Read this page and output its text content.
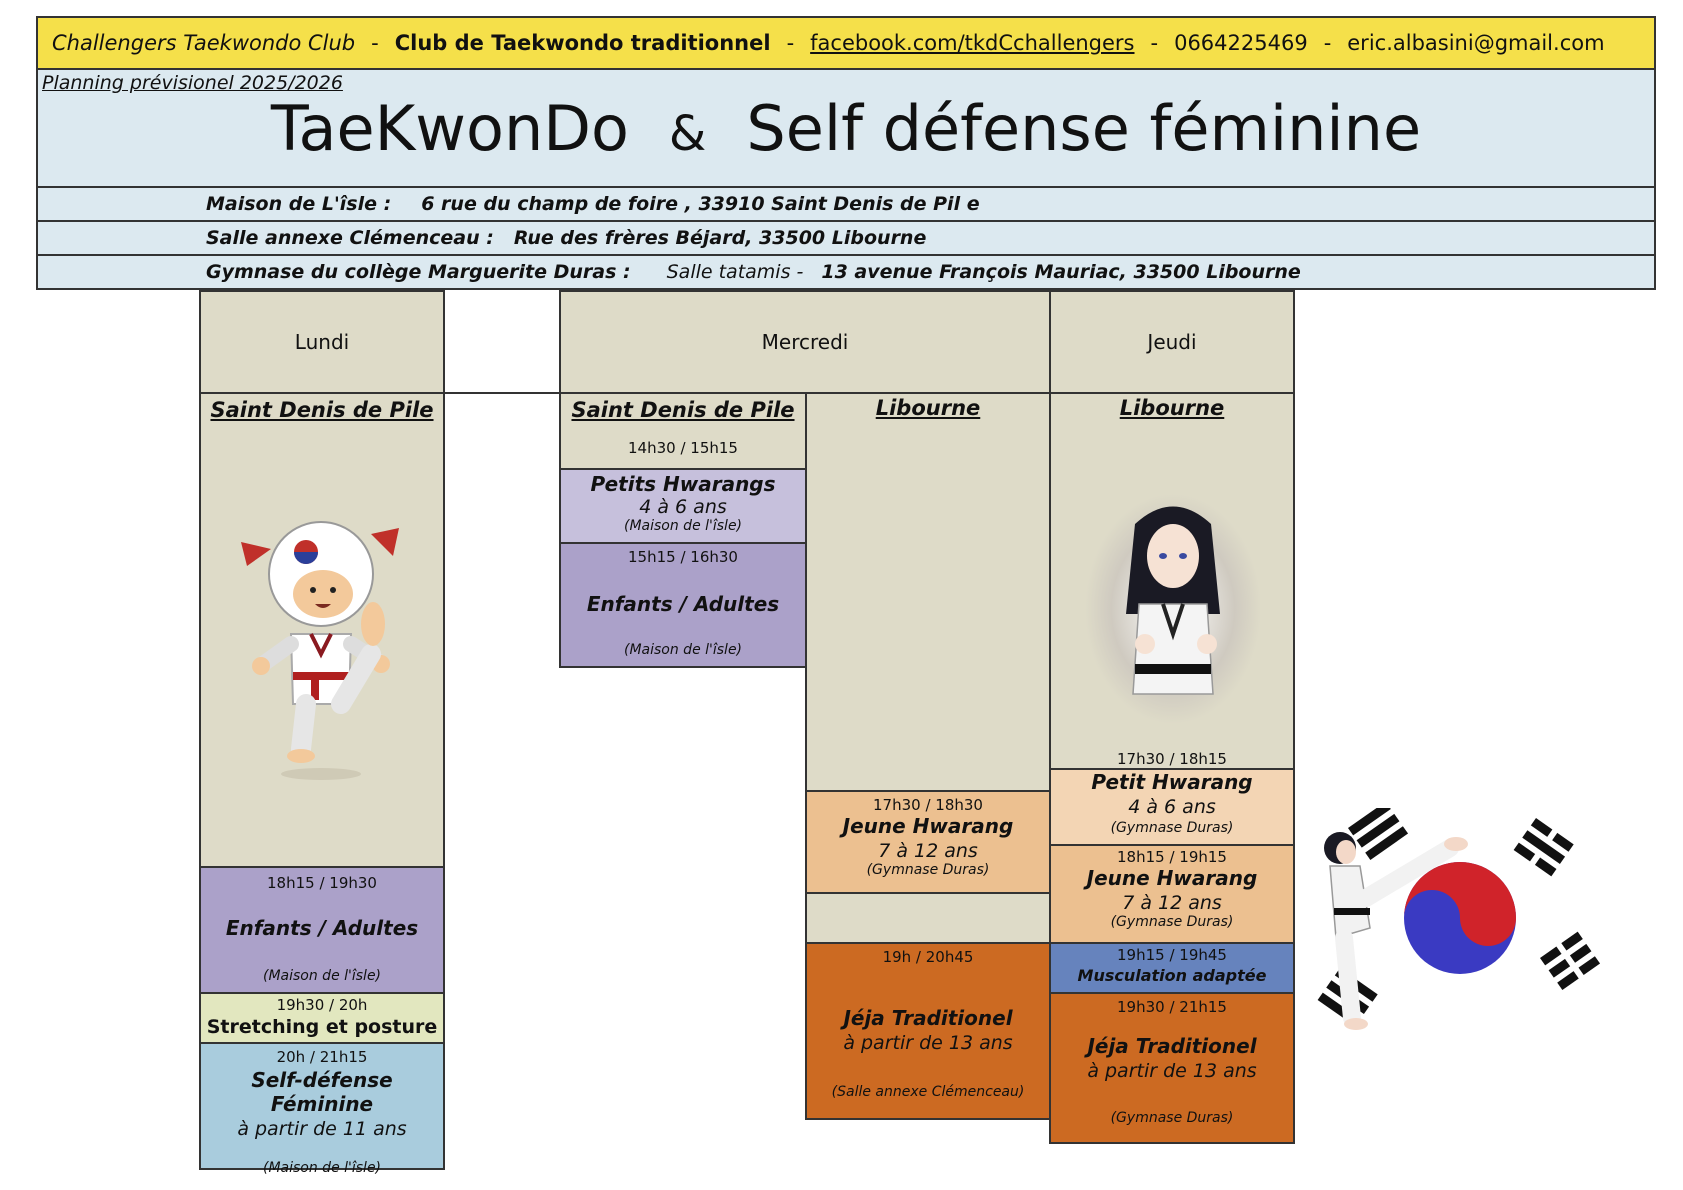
Challengers Taekwondo Club - Club de Taekwondo traditionnel - facebook.com/tkdCchallengers - 0664225469 - eric.albasini@gmail.com
Planning prévisionel 2025/2026
TaeKwonDo & Self défense féminine
Maison de L'îsle : 6 rue du champ de foire , 33910 Saint Denis de Pil e
Salle annexe Clémenceau : Rue des frères Béjard, 33500 Libourne
Gymnase du collège Marguerite Duras : Salle tatamis - 13 avenue François Mauriac, 33500 Libourne
Lundi
Saint Denis de Pile
18h15 / 19h30
Enfants / Adultes
(Maison de l'îsle)
19h30 / 20h
Stretching et posture
20h / 21h15
Self-défense Féminine
à partir de 11 ans
(Maison de l'îsle)
Mercredi
Saint Denis de Pile
14h30 / 15h15
Petits Hwarangs
4 à 6 ans
(Maison de l'îsle)
15h15 / 16h30
Enfants / Adultes
(Maison de l'îsle)
Libourne
17h30 / 18h30
Jeune Hwarang
7 à 12 ans
(Gymnase Duras)
19h / 20h45
Jéja Traditionel
à partir de 13 ans
(Salle annexe Clémenceau)
Jeudi
Libourne
17h30 / 18h15
Petit Hwarang
4 à 6 ans
(Gymnase Duras)
18h15 / 19h15
Jeune Hwarang
7 à 12 ans
(Gymnase Duras)
19h15 / 19h45
Musculation adaptée
19h30 / 21h15
Jéja Traditionel
à partir de 13 ans
(Gymnase Duras)
